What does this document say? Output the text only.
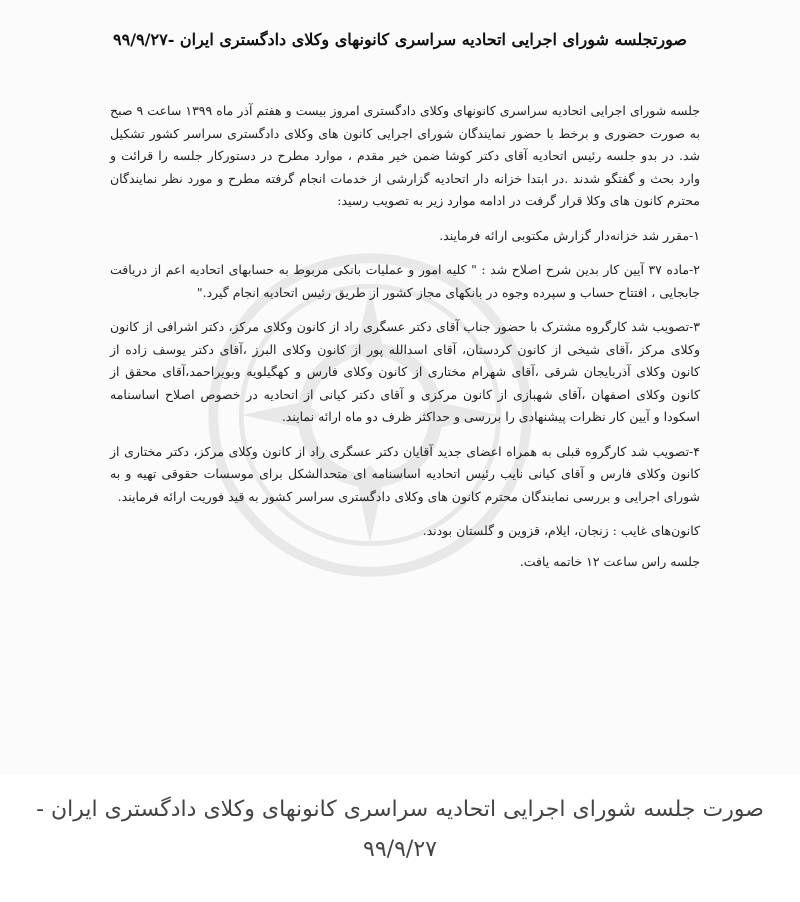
صورتجلسه شورای اجرایی اتحادیه سراسری کانونهای وکلای دادگستری ایران -۹۹/۹/۲۷

جلسه شورای اجرایی اتحادیه سراسری کانونهای وکلای دادگستری امروز بیست و هفتم آذر ماه ۱۳۹۹ ساعت ۹ صبح به صورت حضوری و برخط با حضور نمایندگان شورای اجرایی کانون های وکلای دادگستری سراسر کشور تشکیل شد. در بدو جلسه رئیس اتحادیه آقای دکتر کوشا ضمن خیر مقدم ، موارد مطرح در دستورکار جلسه را قرائت و وارد بحث و گفتگو شدند .در ابتدا خزانه دار اتحادیه گزارشی از خدمات انجام گرفته مطرح و مورد نظر نمایندگان محترم کانون های وکلا قرار گرفت در ادامه موارد زیر به تصویب رسید:

۱-مقرر شد خزانه‌دار گزارش مکتوبی ارائه فرمایند.

۲-ماده ۳۷ آیین کار بدین شرح اصلاح شد : " کلیه امور و عملیات بانکی مربوط به حسابهای اتحادیه اعم از دریافت جابجایی ، افتتاح حساب و سپرده وجوه در بانکهای مجاز کشور از طریق رئیس اتحادیه انجام گیرد."

۳-تصویب شد کارگروه مشترک با حضور جناب آقای دکتر عسگری راد از کانون وکلای مرکز، دکتر اشرافی از کانون وکلای مرکز ،آقای شیخی از کانون کردستان، آقای اسدالله پور از کانون وکلای البرز ،آقای دکتر یوسف زاده از کانون وکلای آذربایجان شرقی ،آقای شهرام مختاری از کانون وکلای فارس و کهگیلویه وبویراحمد،آقای محقق از کانون وکلای اصفهان ،آقای شهبازی از کانون مرکزی و آقای دکتر کیانی از اتحادیه در خصوص اصلاح اساسنامه اسکودا و آیین کار نظرات پیشنهادی را بررسی و حداکثر ظرف دو ماه ارائه نمایند.

۴-تصویب شد کارگروه قبلی به همراه اعضای جدید آقایان دکتر عسگری راد از کانون وکلای مرکز، دکتر مختاری از کانون وکلای فارس و آقای کیانی نایب رئیس اتحادیه اساسنامه ای متحدالشکل برای موسسات حقوقی تهیه و به شورای اجرایی و بررسی نمایندگان محترم کانون های وکلای دادگستری سراسر کشور به قید فوریت ارائه فرمایند.

کانون‌های غایب : زنجان، ایلام، قزوین و گلستان بودند.

جلسه راس ساعت ۱۲ خاتمه یافت.

صورت جلسه شورای اجرایی اتحادیه سراسری کانونهای وکلای دادگستری ایران - ۹۹/۹/۲۷
